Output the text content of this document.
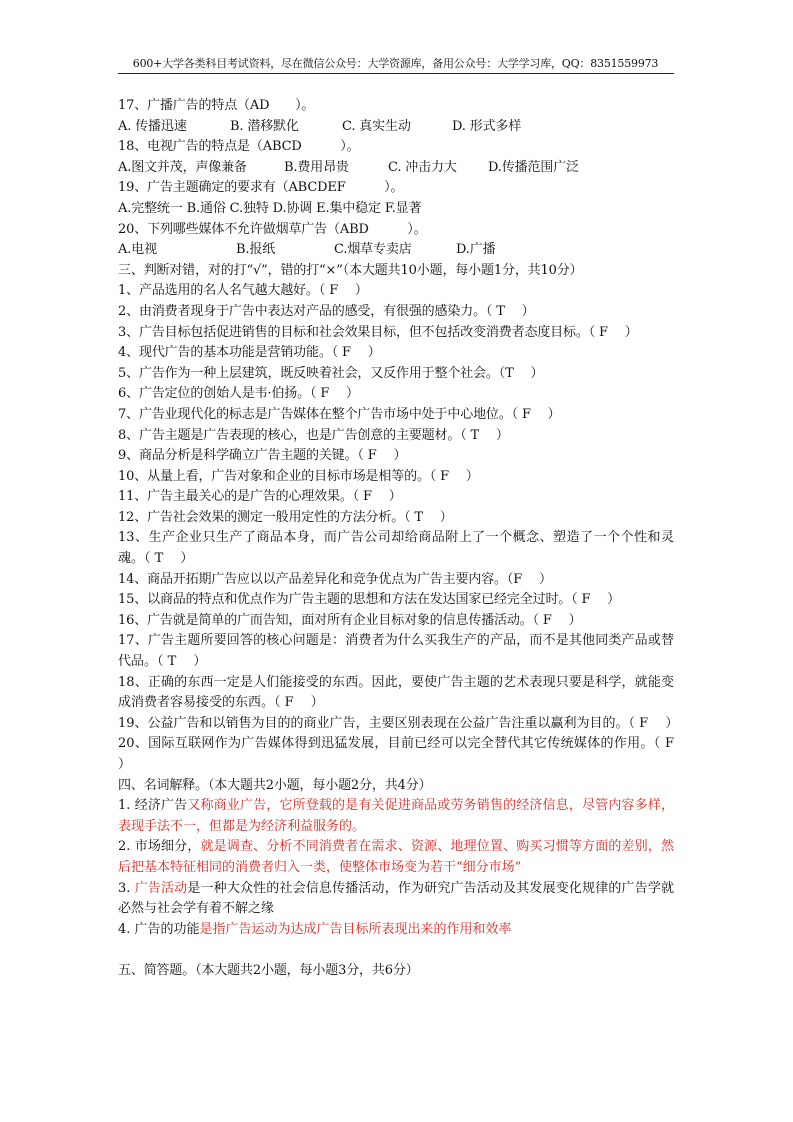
600+大学各类科目考试资料，尽在微信公众号：大学资源库，备用公众号：大学学习库，QQ：8351559973
17、广播广告的特点（AD　　）。
A. 传播迅速	B. 潜移默化	C. 真实生动	D. 形式多样
18、电视广告的特点是（ABCD　　　）。
A.图文并茂，声像兼备	B.费用昂贵	C. 冲击力大 D.传播范围广泛
19、广告主题确定的要求有（ABCDEF　　　）。
A.完整统一 B.通俗 C.独特 D.协调 E.集中稳定 F.显著
20、下列哪些媒体不允许做烟草广告（ABD　　　）。
A.电视	B.报纸	C.烟草专卖店	D.广播
三、判断对错，对的打“√”，错的打“×”（本大题共10小题，每小题1分，共10分）
1、产品选用的名人名气越大越好。（ F　 ）
2、由消费者现身于广告中表达对产品的感受，有很强的感染力。（ T　 ）
3、广告目标包括促进销售的目标和社会效果目标，但不包括改变消费者态度目标。（ F　 ）
4、现代广告的基本功能是营销功能。（ F　 ）
5、广告作为一种上层建筑，既反映着社会，又反作用于整个社会。（T　 ）
6、广告定位的创始人是韦·伯扬。（ F　 ）
7、广告业现代化的标志是广告媒体在整个广告市场中处于中心地位。（ F　 ）
8、广告主题是广告表现的核心，也是广告创意的主要题材。（ T　 ）
9、商品分析是科学确立广告主题的关键。（ F　 ）
10、从量上看，广告对象和企业的目标市场是相等的。（ F　 ）
11、广告主最关心的是广告的心理效果。（ F　 ）
12、广告社会效果的测定一般用定性的方法分析。（ T　 ）
13、生产企业只生产了商品本身，而广告公司却给商品附上了一个概念、塑造了一个个性和灵魂。（ T　 ）
14、商品开拓期广告应以以产品差异化和竞争优点为广告主要内容。（F　 ）
15、以商品的特点和优点作为广告主题的思想和方法在发达国家已经完全过时。（ F　 ）
16、广告就是简单的广而告知，面对所有企业目标对象的信息传播活动。（ F　 ）
17、广告主题所要回答的核心问题是：消费者为什么买我生产的产品，而不是其他同类产品或替代品。（ T　 ）
18、正确的东西一定是人们能接受的东西。因此，要使广告主题的艺术表现只要是科学，就能变成消费者容易接受的东西。（ F　 ）
19、公益广告和以销售为目的的商业广告，主要区别表现在公益广告注重以赢利为目的。（ F　 ）
20、国际互联网作为广告媒体得到迅猛发展，目前已经可以完全替代其它传统媒体的作用。（ F　 ）
四、名词解释。（本大题共2小题，每小题2分，共4分）
1. 经济广告又称商业广告，它所登载的是有关促进商品或劳务销售的经济信息，尽管内容多样，表现手法不一，但都是为经济利益服务的。
2. 市场细分，就是调查、分析不同消费者在需求、资源、地理位置、购买习惯等方面的差别，然后把基本特征相同的消费者归入一类，使整体市场变为若干“细分市场”
3. 广告活动是一种大众性的社会信息传播活动，作为研究广告活动及其发展变化规律的广告学就必然与社会学有着不解之缘
4. 广告的功能是指广告运动为达成广告目标所表现出来的作用和效率
五、简答题。（本大题共2小题，每小题3分，共6分）
